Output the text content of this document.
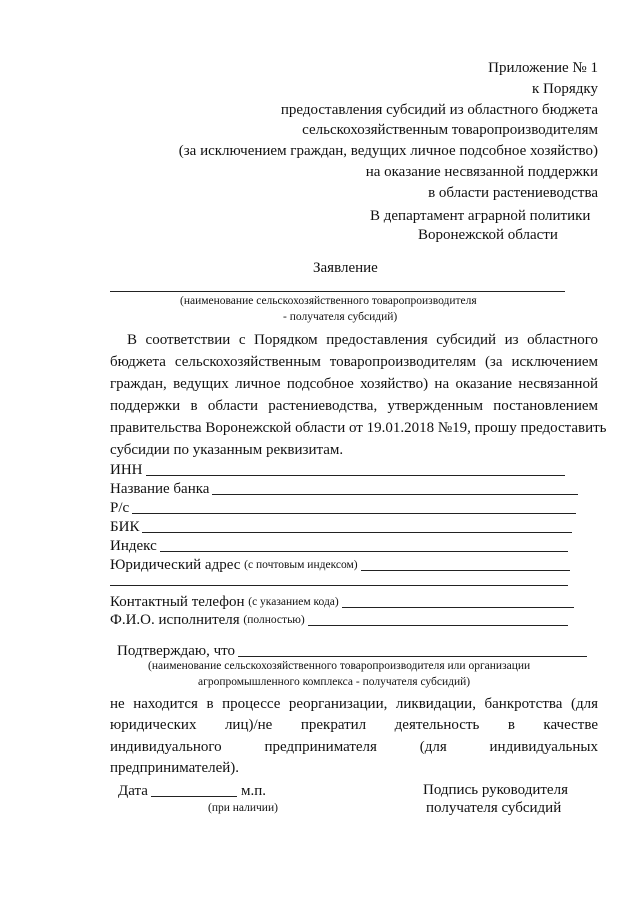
Приложение № 1
к Порядку
предоставления субсидий из областного бюджета
сельскохозяйственным товаропроизводителям
(за исключением граждан, ведущих личное подсобное хозяйство)
на оказание несвязанной поддержки
в области растениеводства
В департамент аграрной политики
Воронежской области
Заявление
(наименование сельскохозяйственного товаропроизводителя
- получателя субсидий)
В соответствии с Порядком предоставления субсидий из областного
бюджета сельскохозяйственным товаропроизводителям (за исключением
граждан, ведущих личное подсобное хозяйство) на оказание несвязанной
поддержки в области растениеводства, утвержденным постановлением
правительства Воронежской области от 19.01.2018 №19, прошу предоставить
субсидии по указанным реквизитам.
ИНН
Название банка
Р/с
БИК
Индекс
Юридический адрес
(с почтовым индексом)
Контактный телефон
(с указанием кода)
Ф.И.О. исполнителя
(полностью)
Подтверждаю, что
(наименование сельскохозяйственного товаропроизводителя или организации
агропромышленного комплекса - получателя субсидий)
не находится в процессе реорганизации, ликвидации, банкротства (для
юридических лиц)/не прекратил деятельность в качестве
индивидуального предпринимателя (для индивидуальных
предпринимателей).
Дата	м.п.
(при наличии)
Подпись руководителя
получателя субсидий
